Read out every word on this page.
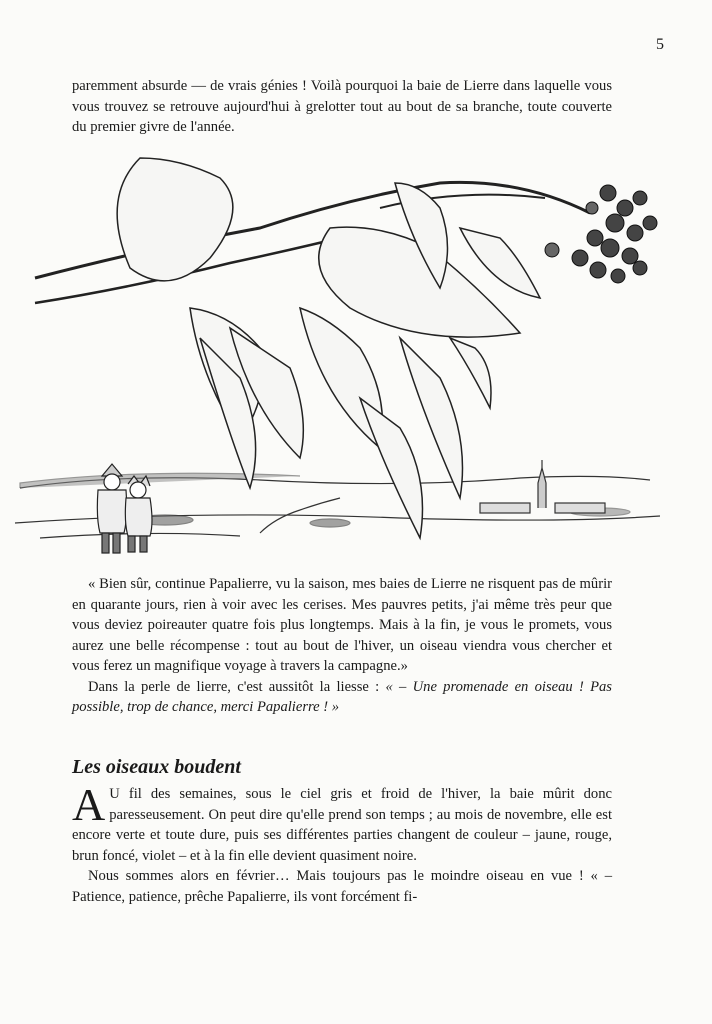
5

paremment absurde — de vrais génies ! Voilà pourquoi la baie de Lierre dans laquelle vous vous trouvez se retrouve aujourd'hui à grelotter tout au bout de sa branche, toute couverte du premier givre de l'année.

« Bien sûr, continue Papalierre, vu la saison, mes baies de Lierre ne risquent pas de mûrir en quarante jours, rien à voir avec les cerises. Mes pauvres petits, j'ai même très peur que vous deviez poireauter quatre fois plus longtemps. Mais à la fin, je vous le promets, vous aurez une belle récompense : tout au bout de l'hiver, un oiseau viendra vous chercher et vous ferez un magnifique voyage à travers la campagne.»

Dans la perle de lierre, c'est aussitôt la liesse : « – Une promenade en oiseau ! Pas possible, trop de chance, merci Papalierre ! »

Les oiseaux boudent

A U fil des semaines, sous le ciel gris et froid de l'hiver, la baie mûrit donc paresseusement. On peut dire qu'elle prend son temps ; au mois de novembre, elle est encore verte et toute dure, puis ses différentes parties changent de couleur – jaune, rouge, brun foncé, violet – et à la fin elle devient quasiment noire.

Nous sommes alors en février… Mais toujours pas le moindre oiseau en vue ! « – Patience, patience, prêche Papalierre, ils vont forcément fi-
